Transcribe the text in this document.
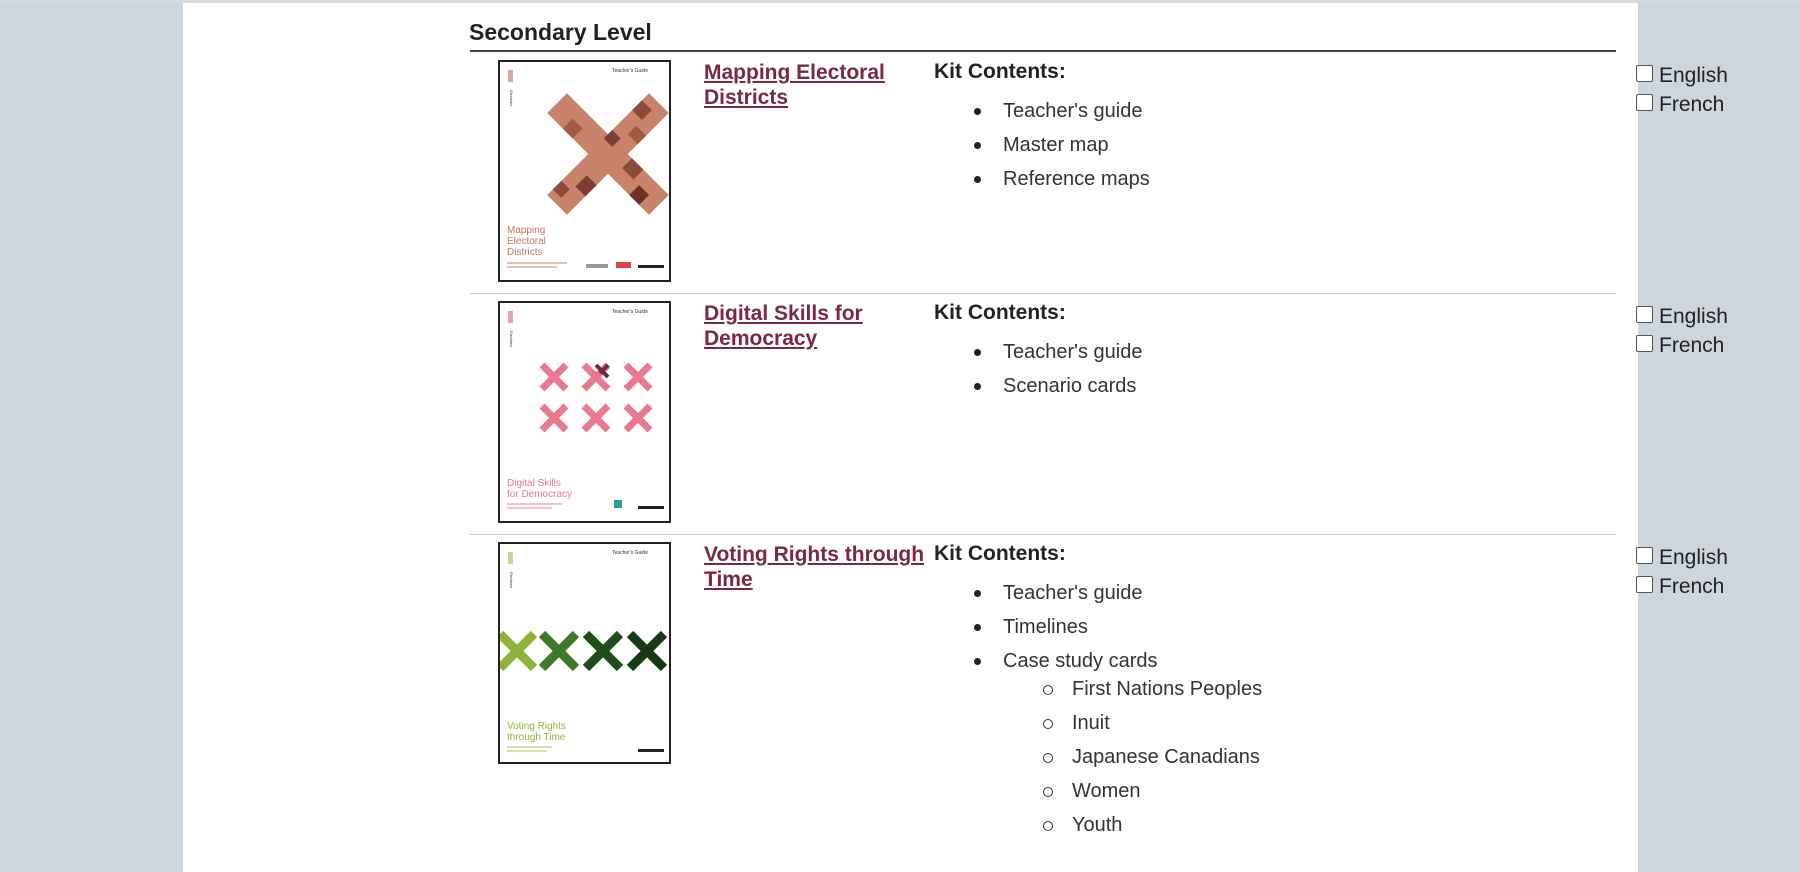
Secondary Level
Teacher's Guide
Elections
Mapping
Electoral
Districts
Mapping Electoral Districts
Kit Contents:
Teacher's guide
Master map
Reference maps
English
French
Teacher's Guide
Elections
Digital Skills
for Democracy
Digital Skills for Democracy
Kit Contents:
Teacher's guide
Scenario cards
English
French
Teacher's Guide
Elections
Voting Rights
through Time
Voting Rights through Time
Kit Contents:
Teacher's guide
Timelines
Case study cards
First Nations Peoples
Inuit
Japanese Canadians
Women
Youth
English
French
